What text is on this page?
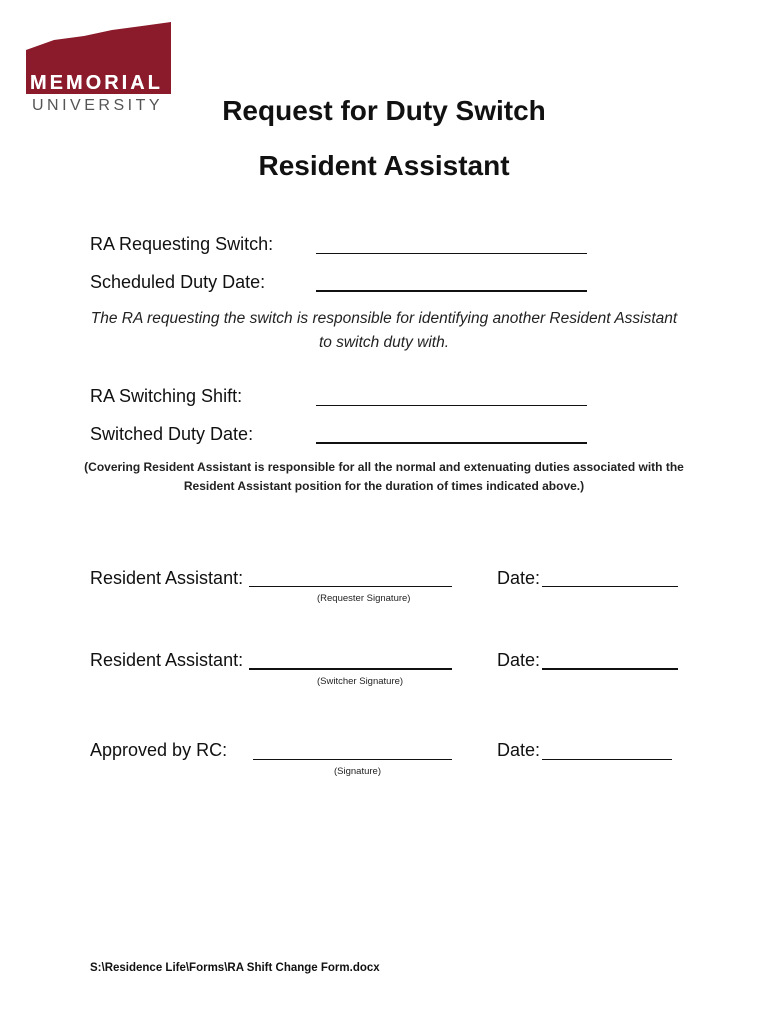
MEMORIAL
UNIVERSITY	Request for Duty Switch
Resident Assistant
RA Requesting Switch:
Scheduled Duty Date:
The RA requesting the switch is responsible for identifying another Resident Assistant to switch duty with.
RA Switching Shift:
Switched Duty Date:
(Covering Resident Assistant is responsible for all the normal and extenuating duties associated with the Resident Assistant position for the duration of times indicated above.)
Resident Assistant:
(Requester Signature)
Date:
Resident Assistant:
(Switcher Signature)
Date:
Approved by RC:
(Signature)
Date:
S:\Residence Life\Forms\RA Shift Change Form.docx
